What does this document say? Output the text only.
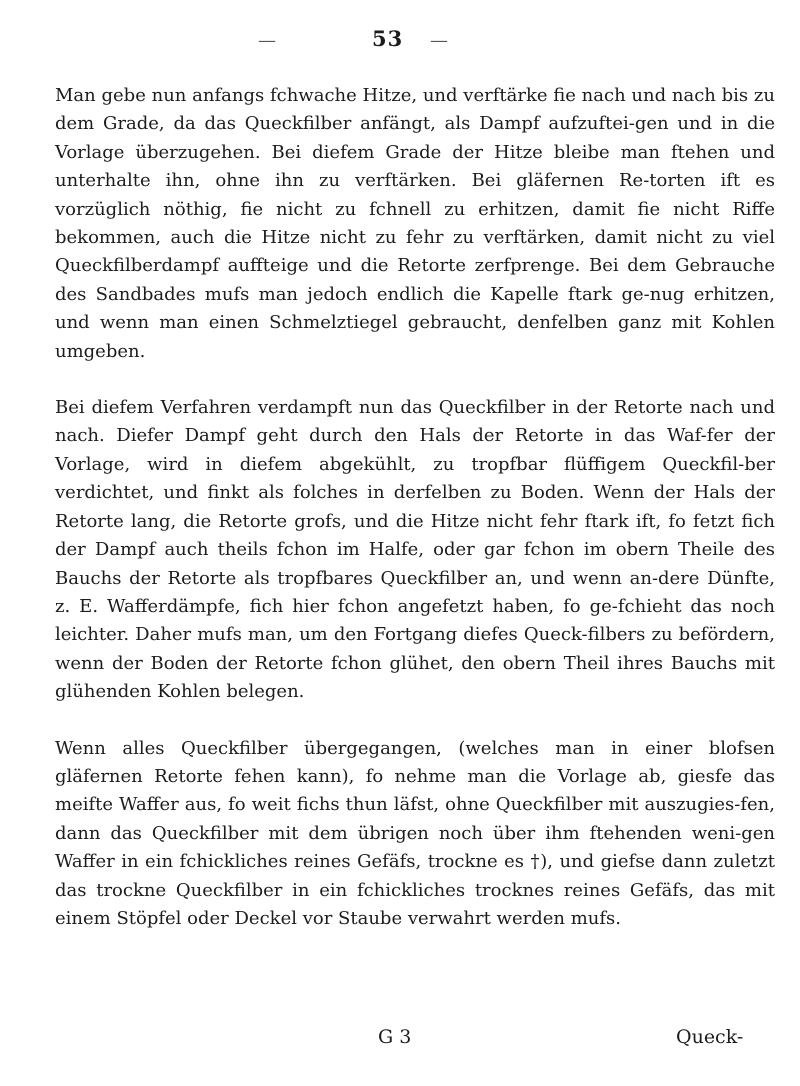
—	53 —

Man gebe nun anfangs fchwache Hitze, und verftärke fie nach und nach bis zu dem Grade, da das Queckfilber anfängt, als Dampf aufzuftei-gen und in die Vorlage überzugehen. Bei diefem Grade der Hitze bleibe man ftehen und unterhalte ihn, ohne ihn zu verftärken. Bei gläfernen Re-torten ift es vorzüglich nöthig, fie nicht zu fchnell zu erhitzen, damit fie nicht Riffe bekommen, auch die Hitze nicht zu fehr zu verftärken, damit nicht zu viel Queckfilberdampf auffteige und die Retorte zerfprenge. Bei dem Gebrauche des Sandbades mufs man jedoch endlich die Kapelle ftark ge-nug erhitzen, und wenn man einen Schmelztiegel gebraucht, denfelben ganz mit Kohlen umgeben.

Bei diefem Verfahren verdampft nun das Queckfilber in der Retorte nach und nach. Diefer Dampf geht durch den Hals der Retorte in das Waf-fer der Vorlage, wird in diefem abgekühlt, zu tropfbar flüffigem Queckfil-ber verdichtet, und finkt als folches in derfelben zu Boden. Wenn der Hals der Retorte lang, die Retorte grofs, und die Hitze nicht fehr ftark ift, fo fetzt fich der Dampf auch theils fchon im Halfe, oder gar fchon im obern Theile des Bauchs der Retorte als tropfbares Queckfilber an, und wenn an-dere Dünfte, z. E. Wafferdämpfe, fich hier fchon angefetzt haben, fo ge-fchieht das noch leichter. Daher mufs man, um den Fortgang diefes Queck-filbers zu befördern, wenn der Boden der Retorte fchon glühet, den obern Theil ihres Bauchs mit glühenden Kohlen belegen.

Wenn alles Queckfilber übergegangen, (welches man in einer blofsen gläfernen Retorte fehen kann), fo nehme man die Vorlage ab, giesfe das meifte Waffer aus, fo weit fichs thun läfst, ohne Queckfilber mit auszugies-fen, dann das Queckfilber mit dem übrigen noch über ihm ftehenden weni-gen Waffer in ein fchickliches reines Gefäfs, trockne es †), und giefse dann zuletzt das trockne Queckfilber in ein fchickliches trocknes reines Gefäfs, das mit einem Stöpfel oder Deckel vor Staube verwahrt werden mufs.

G 3	Queck-
